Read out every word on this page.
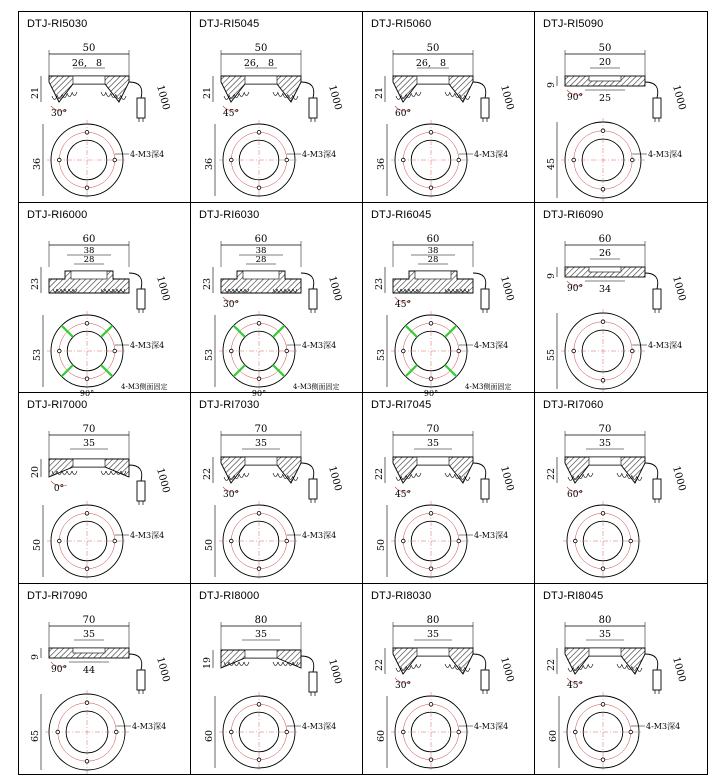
DTJ-RI5030
50
26, 8
21
30°
1000
36
4-M3深4
DTJ-RI5045
50
26, 8
21
45°
1000
36
4-M3深4
DTJ-RI5060
50
26, 8
21
60°
1000
36
4-M3深4
DTJ-RI5090
50
20
25
9
90°	1000
45
4-M3深4
DTJ-RI6000
60
38
28
23	1000
53
4-M3深4
4-M3侧面固定
90°
DTJ-RI6030
60
38
28
23
30°
1000
53
4-M3深4
4-M3侧面固定
90°
DTJ-RI6045
60
38
28
23
45°
1000
53
4-M3深4
4-M3侧面固定
90°
DTJ-RI6090
60
26
34
9
90°	1000
55
4-M3深4
DTJ-RI7000
70
35
20
0°	1000
50
4-M3深4
DTJ-RI7030
70
35
22
30°
1000
50
4-M3深4
DTJ-RI7045
70
35
22
45°
1000
50
4-M3深4
DTJ-RI7060
70
35
22
60°
1000
DTJ-RI7090
70
35
44
9
90°	1000
65
4-M3深4
DTJ-RI8000
80
35
19	1000
60
4-M3深4
DTJ-RI8030
80
35
22
30°
1000
60
4-M3深4
DTJ-RI8045
80
35
22
45°
1000
60
4-M3深4
